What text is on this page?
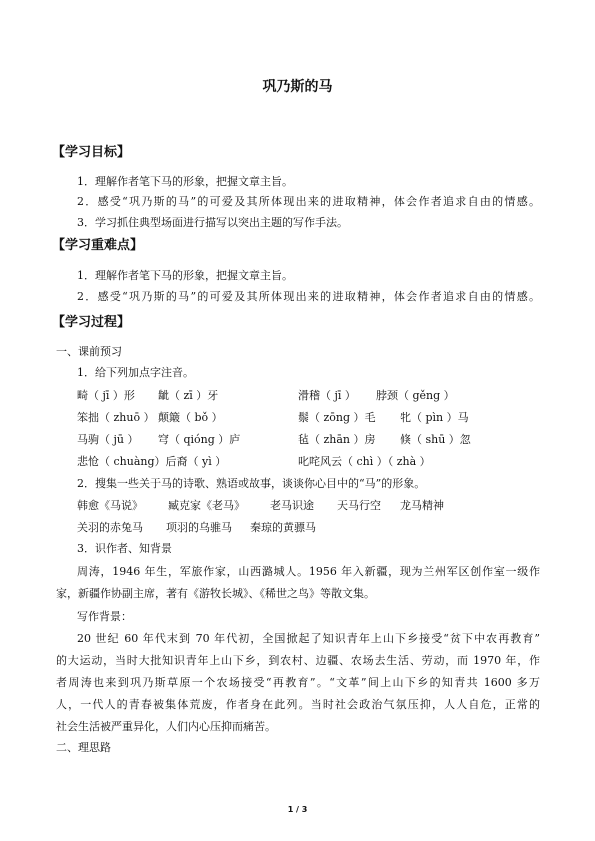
巩乃斯的马
【学习目标】
1．理解作者笔下马的形象，把握文章主旨。
2．感受“巩乃斯的马”的可爱及其所体现出来的进取精神，体会作者追求自由的情感。
3．学习抓住典型场面进行描写以突出主题的写作手法。
【学习重难点】
1．理解作者笔下马的形象，把握文章主旨。
2．感受“巩乃斯的马”的可爱及其所体现出来的进取精神，体会作者追求自由的情感。
【学习过程】
一、课前预习
1．给下列加点字注音。
畸（ jī ）形 龇（ zī ）牙	滑稽（ jī ） 脖颈（ gěng ）
笨拙（ zhuō ） 颠簸（ bǒ ）	鬃（ zōng ）毛 牝（ pìn ）马
马驹（ jū ） 穹（ qióng ）庐	毡（ zhān ）房 倏（ shū ）忽
悲怆（ chuàng）后裔（ yì ）	叱咤风云（ chì ）（ zhà ）
2．搜集一些关于马的诗歌、熟语或故事，谈谈你心目中的“马”的形象。
韩愈《马说》 臧克家《老马》 老马识途 天马行空 龙马精神
关羽的赤兔马 项羽的乌骓马 秦琼的黄骠马
3．识作者、知背景
周涛，1946 年生，军旅作家，山西潞城人。1956 年入新疆，现为兰州军区创作室一级作
家，新疆作协副主席，著有《游牧长城》、《稀世之鸟》等散文集。
写作背景：
20 世纪 60 年代末到 70 年代初，全国掀起了知识青年上山下乡接受“贫下中农再教育”
的大运动，当时大批知识青年上山下乡，到农村、边疆、农场去生活、劳动，而 1970 年，作
者周涛也来到巩乃斯草原一个农场接受“再教育”。“文革”间上山下乡的知青共 1600 多万
人，一代人的青春被集体荒废，作者身在此列。当时社会政治气氛压抑，人人自危，正常的
社会生活被严重异化，人们内心压抑而痛苦。
二、理思路
1 / 3
